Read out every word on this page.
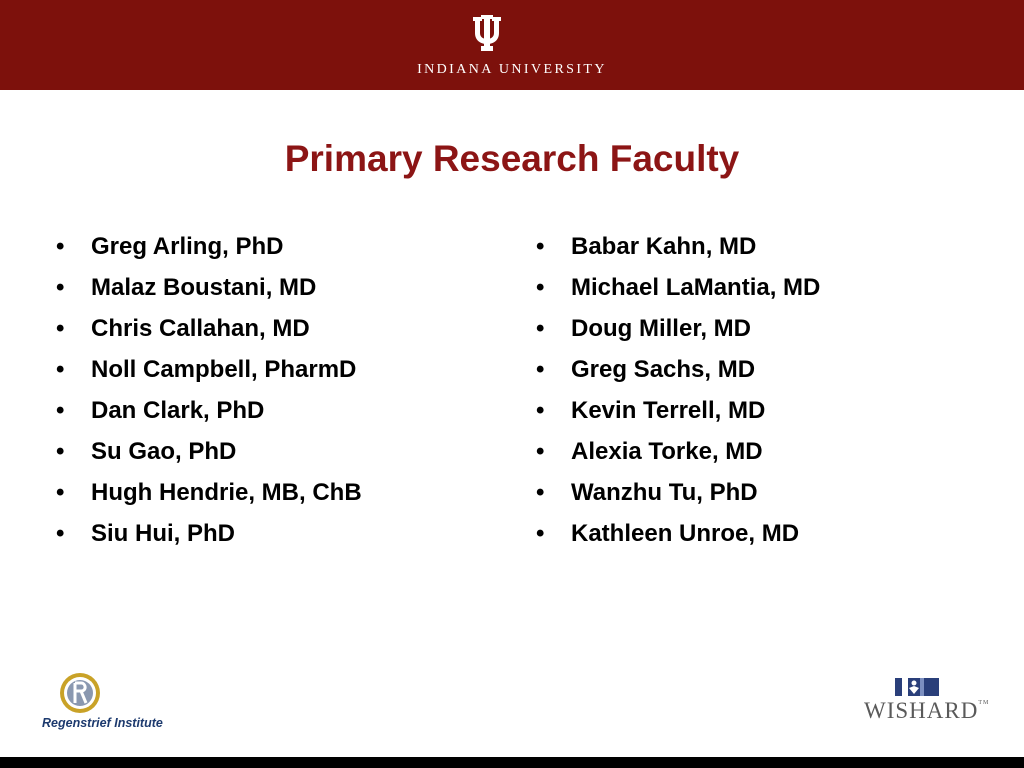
INDIANA UNIVERSITY
Primary Research Faculty
• Greg Arling, PhD
• Malaz Boustani, MD
• Chris Callahan, MD
• Noll Campbell, PharmD
• Dan Clark, PhD
• Su Gao, PhD
• Hugh Hendrie, MB, ChB
• Siu Hui, PhD
• Babar Kahn, MD
• Michael LaMantia, MD
• Doug Miller, MD
• Greg Sachs, MD
• Kevin Terrell, MD
• Alexia Torke, MD
• Wanzhu Tu, PhD
• Kathleen Unroe, MD
Regenstrief Institute	WISHARD™
